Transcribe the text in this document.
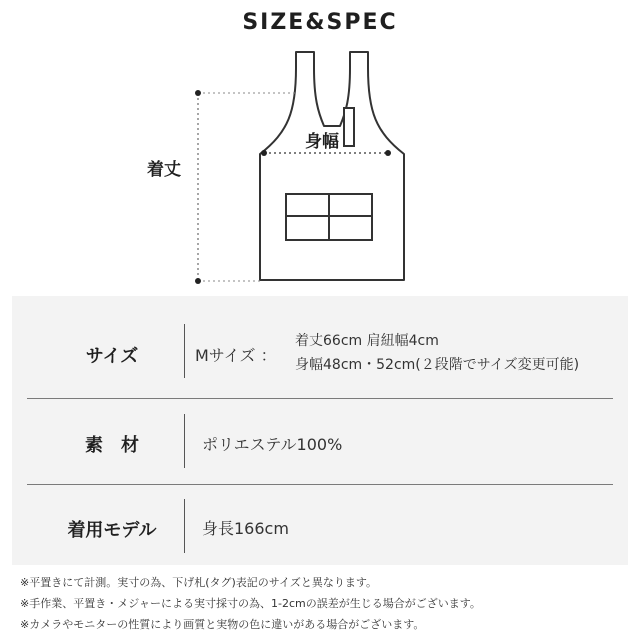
SIZE&SPEC
着丈
身幅
サイズ	Mサイズ ：
着丈66cm 肩紐幅4cm
身幅48cm・52cm(２段階でサイズ変更可能)
素　材	ポリエステル100%
着用モデル	身長166cm
※平置きにて計測。実寸の為、下げ札(タグ)表記のサイズと異なります。
※手作業、平置き・メジャーによる実寸採寸の為、1-2cmの誤差が生じる場合がございます。
※カメラやモニターの性質により画質と実物の色に違いがある場合がございます。
